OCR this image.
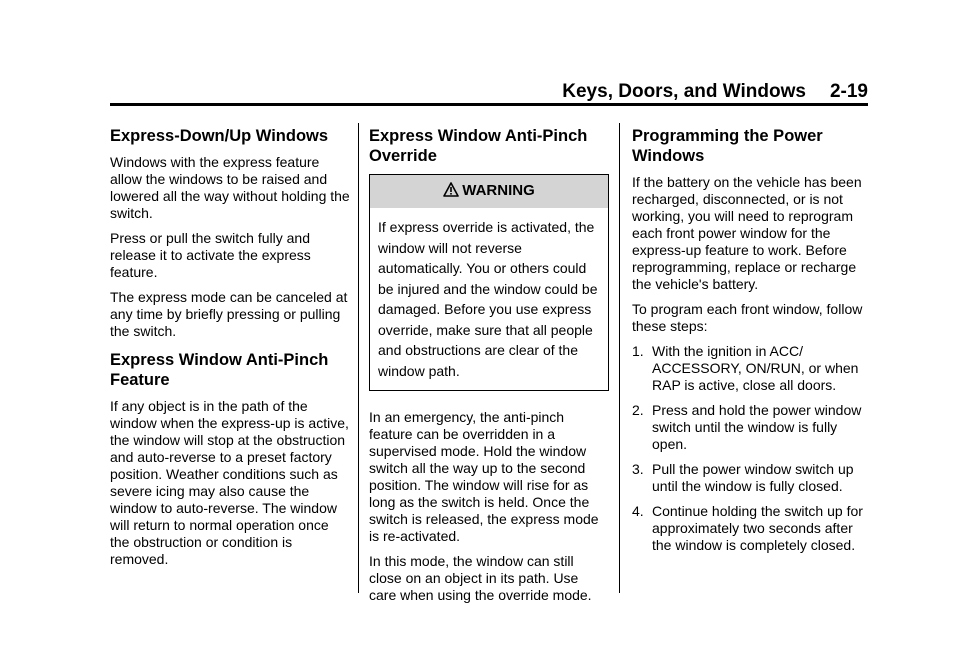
Keys, Doors, and Windows 2-19
Express-Down/Up Windows

Windows with the express feature allow the windows to be raised and lowered all the way without holding the switch.

Press or pull the switch fully and release it to activate the express feature.

The express mode can be canceled at any time by briefly pressing or pulling the switch.

Express Window Anti-Pinch Feature

If any object is in the path of the window when the express-up is active, the window will stop at the obstruction and auto-reverse to a preset factory position. Weather conditions such as severe icing may also cause the window to auto-reverse. The window will return to normal operation once the obstruction or condition is removed.

Express Window Anti-Pinch Override
WARNING
If express override is activated, the window will not reverse automatically. You or others could be injured and the window could be damaged. Before you use express override, make sure that all people and obstructions are clear of the window path.

In an emergency, the anti-pinch feature can be overridden in a supervised mode. Hold the window switch all the way up to the second position. The window will rise for as long as the switch is held. Once the switch is released, the express mode is re-activated.

In this mode, the window can still close on an object in its path. Use care when using the override mode.

Programming the Power Windows

If the battery on the vehicle has been recharged, disconnected, or is not working, you will need to reprogram each front power window for the express-up feature to work. Before reprogramming, replace or recharge the vehicle's battery.

To program each front window, follow these steps:

1. With the ignition in ACC/ ACCESSORY, ON/RUN, or when RAP is active, close all doors.
2. Press and hold the power window switch until the window is fully open.
3. Pull the power window switch up until the window is fully closed.
4. Continue holding the switch up for approximately two seconds after the window is completely closed.
